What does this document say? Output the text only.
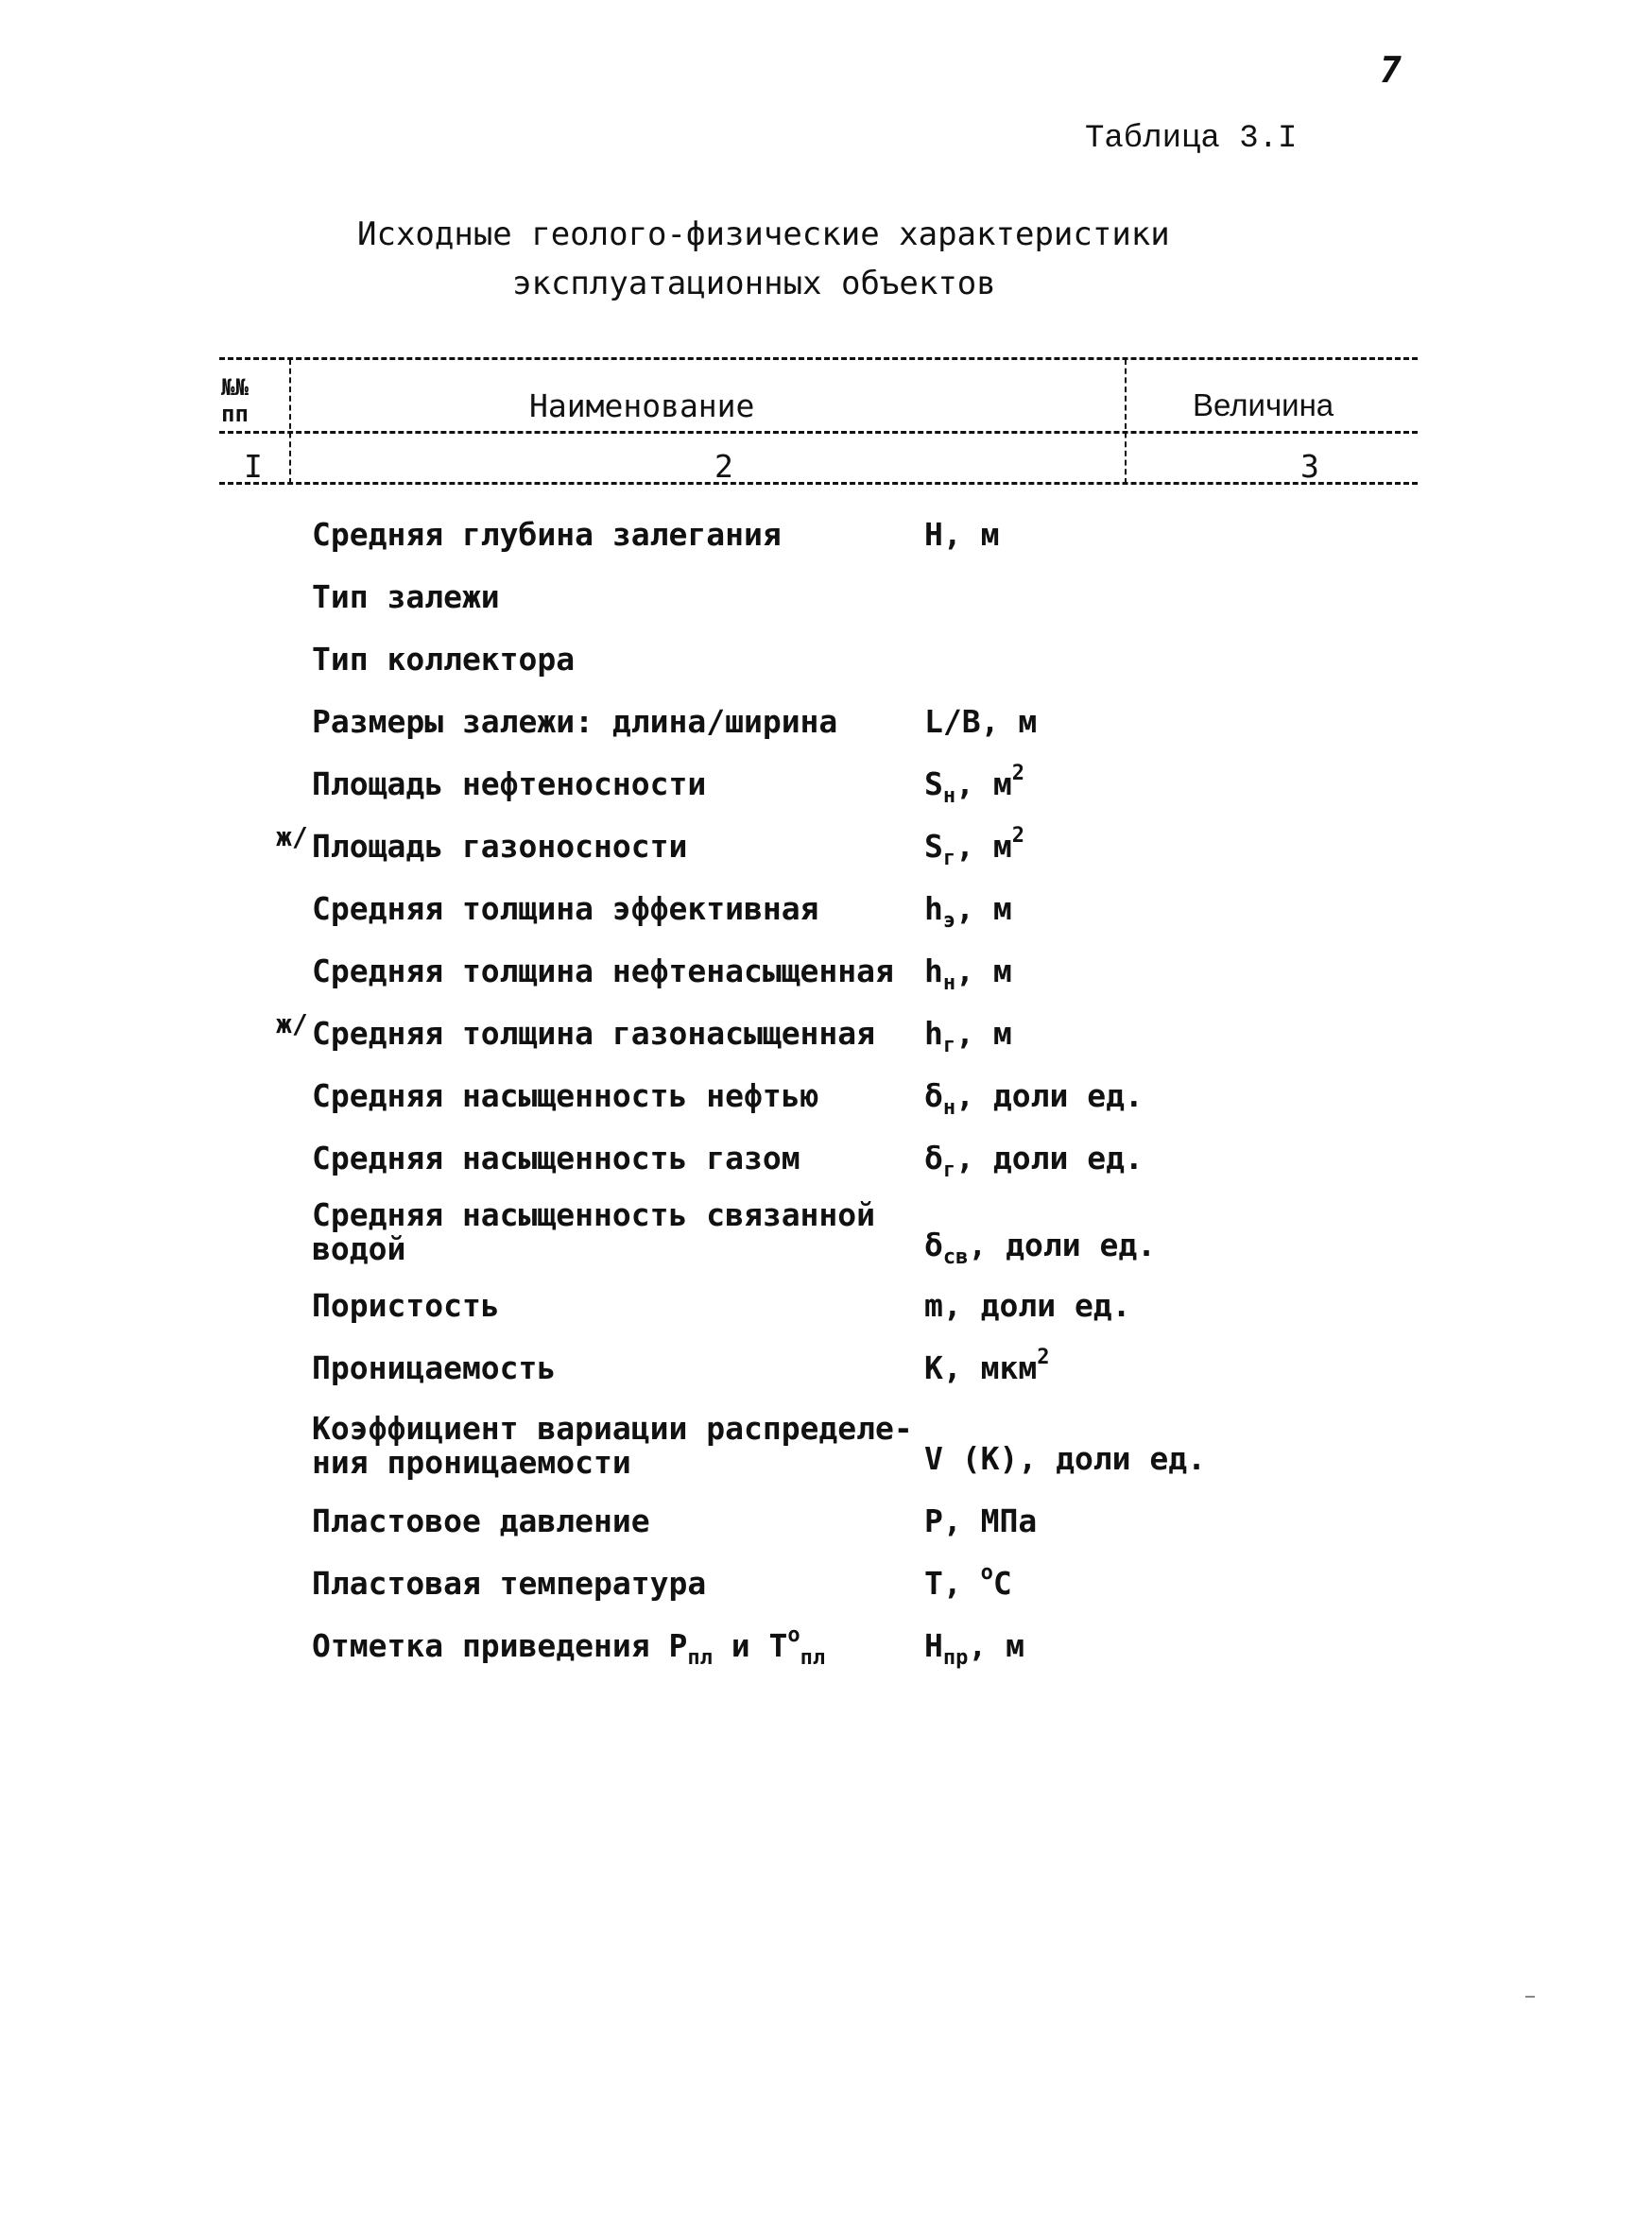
7
Таблица 3.I
Исходные геолого-физические характеристики
эксплуатационных объектов
№№
пп	Наименование	Величина
I	2	3
Средняя глубина залегания	H, м
Тип залежи
Тип коллектора
Размеры залежи: длина/ширина	L/B, м
Площадь нефтеносности	$S_н$, $м^2$
Площадь газоносности	$S_г$, $м^2$
ж/
Средняя толщина эффективная	$h_э$, м
Средняя толщина нефтенасыщенная $h_н$, м
Средняя толщина газонасыщенная $h_г$, м
ж/
Средняя насыщенность нефтью	$\delta_н$, доли ед.
Средняя насыщенность газом	$\delta_г$, доли ед.
Средняя насыщенность связанной
водой	$\delta_{св}$, доли ед.
Пористость	m, доли ед.
Проницаемость	K, мкм$^2$
Коэффициент вариации распределе-
ния проницаемости	V (K), доли ед.
Пластовое давление	P, МПа
Пластовая температура	T, $^o$C
Отметка приведения $P_{пл}$ и $T^o_{пл}$	$H_{пр}$, м
